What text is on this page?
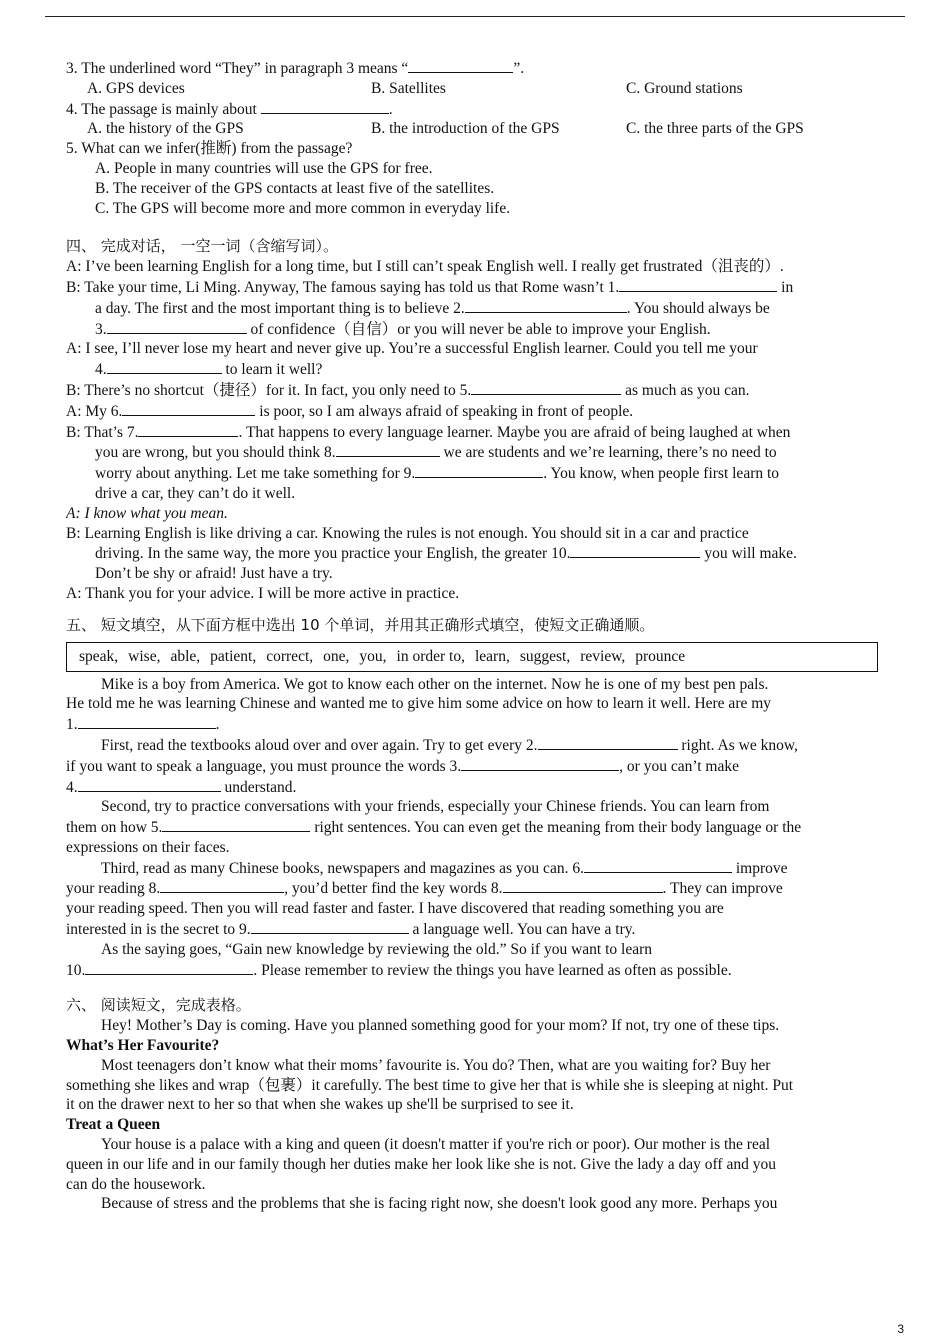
3. The underlined word “They” in paragraph 3 means “	”.
A. GPS devices	B. Satellites	C. Ground stations
4. The passage is mainly about	.
A. the history of the GPS	B. the introduction of the GPS	C. the three parts of the GPS
5. What can we infer(推断) from the passage?
A. People in many countries will use the GPS for free.
B. The receiver of the GPS contacts at least five of the satellites.
C. The GPS will become more and more common in everyday life.
四、 完成对话， 一空一词（含缩写词）。
A: I’ve been learning English for a long time, but I still can’t speak English well. I really get frustrated（沮丧的）.
B: Take your time, Li Ming. Anyway, The famous saying has told us that Rome wasn’t 1.	in
a day. The first and the most important thing is to believe 2.	. You should always be
3.	of confidence（自信）or you will never be able to improve your English.
A: I see, I’ll never lose my heart and never give up. You’re a successful English learner. Could you tell me your
4.	to learn it well?
B: There’s no shortcut（捷径）for it. In fact, you only need to 5.	as much as you can.
A: My 6.	is poor, so I am always afraid of speaking in front of people.
B: That’s 7.	. That happens to every language learner. Maybe you are afraid of being laughed at when
you are wrong, but you should think 8.	we are students and we’re learning, there’s no need to
worry about anything. Let me take something for 9.	. You know, when people first learn to
drive a car, they can’t do it well.
A: I know what you mean.
B: Learning English is like driving a car. Knowing the rules is not enough. You should sit in a car and practice
driving. In the same way, the more you practice your English, the greater 10.	you will make.
Don’t be shy or afraid! Just have a try.
A: Thank you for your advice. I will be more active in practice.
五、 短文填空，从下面方框中选出 10 个单词，并用其正确形式填空，使短文正确通顺。
speak, wise, able, patient, correct, one, you, in order to, learn, suggest, review, prounce
Mike is a boy from America. We got to know each other on the internet. Now he is one of my best pen pals.
He told me he was learning Chinese and wanted me to give him some advice on how to learn it well. Here are my
1.	.
First, read the textbooks aloud over and over again. Try to get every 2.	right. As we know,
if you want to speak a language, you must prounce the words 3.	, or you can’t make
4.	understand.
Second, try to practice conversations with your friends, especially your Chinese friends. You can learn from
them on how 5.	right sentences. You can even get the meaning from their body language or the
expressions on their faces.
Third, read as many Chinese books, newspapers and magazines as you can. 6.	improve
your reading 8.	, you’d better find the key words 8.	. They can improve
your reading speed. Then you will read faster and faster. I have discovered that reading something you are
interested in is the secret to 9.	a language well. You can have a try.
As the saying goes, “Gain new knowledge by reviewing the old.” So if you want to learn
10.	. Please remember to review the things you have learned as often as possible.
六、 阅读短文，完成表格。
Hey! Mother’s Day is coming. Have you planned something good for your mom? If not, try one of these tips.
What’s Her Favourite?
Most teenagers don’t know what their moms’ favourite is. You do? Then, what are you waiting for? Buy her
something she likes and wrap（包裹）it carefully. The best time to give her that is while she is sleeping at night. Put
it on the drawer next to her so that when she wakes up she'll be surprised to see it.
Treat a Queen
Your house is a palace with a king and queen (it doesn't matter if you're rich or poor). Our mother is the real
queen in our life and in our family though her duties make her look like she is not. Give the lady a day off and you
can do the housework.
Because of stress and the problems that she is facing right now, she doesn't look good any more. Perhaps you
3
